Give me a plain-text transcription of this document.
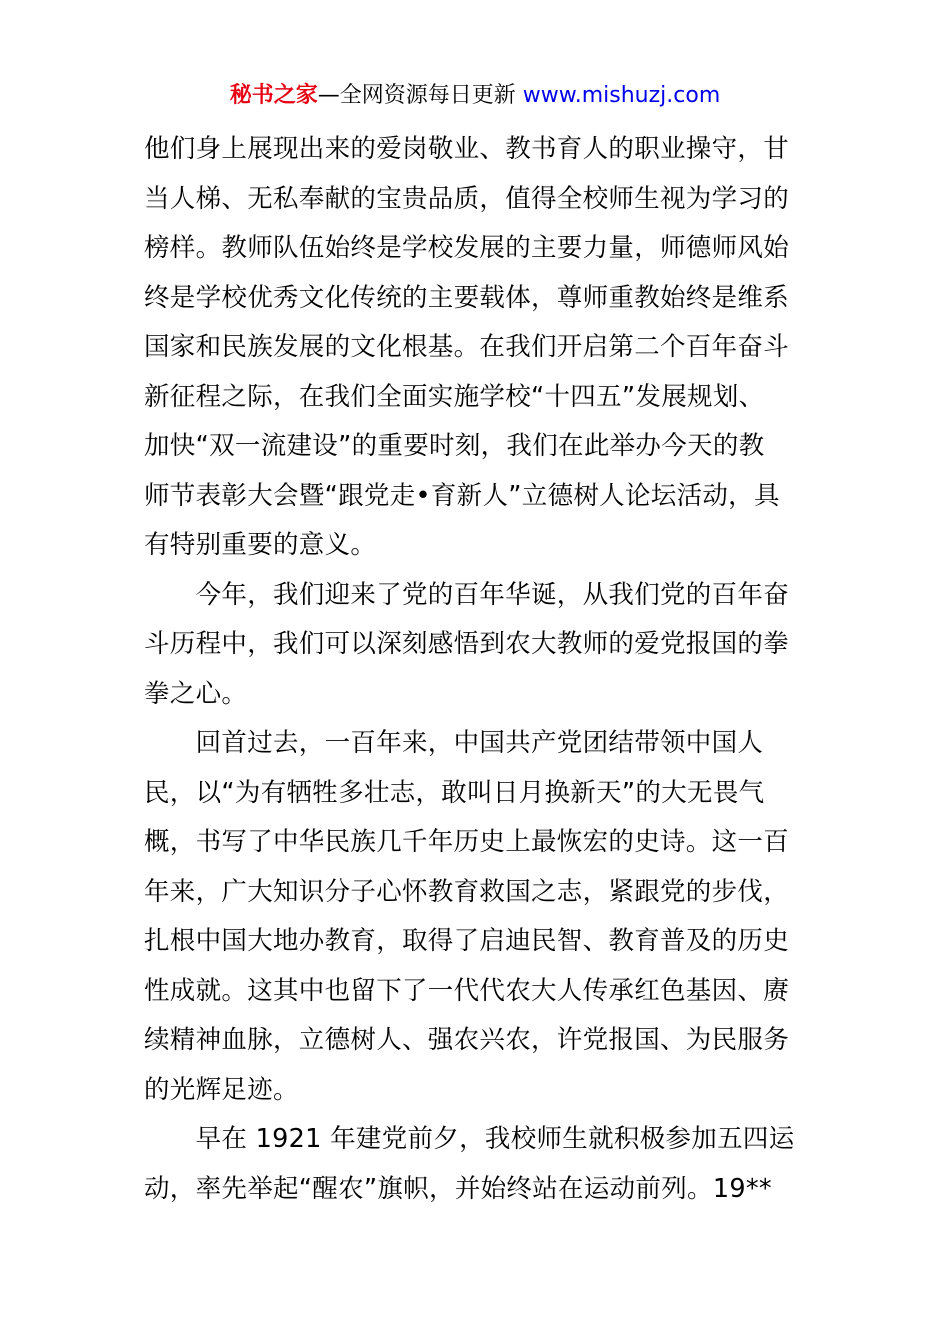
秘书之家—全网资源每日更新 www.mishuzj.com
他们身上展现出来的爱岗敬业、教书育人的职业操守，甘
当人梯、无私奉献的宝贵品质，值得全校师生视为学习的
榜样。教师队伍始终是学校发展的主要力量，师德师风始
终是学校优秀文化传统的主要载体，尊师重教始终是维系
国家和民族发展的文化根基。在我们开启第二个百年奋斗
新征程之际，在我们全面实施学校“十四五”发展规划、
加快“双一流建设”的重要时刻，我们在此举办今天的教
师节表彰大会暨“跟党走•育新人”立德树人论坛活动，具
有特别重要的意义。
　　今年，我们迎来了党的百年华诞，从我们党的百年奋
斗历程中，我们可以深刻感悟到农大教师的爱党报国的拳
拳之心。
　　回首过去，一百年来，中国共产党团结带领中国人
民，以“为有牺牲多壮志，敢叫日月换新天”的大无畏气
概，书写了中华民族几千年历史上最恢宏的史诗。这一百
年来，广大知识分子心怀教育救国之志，紧跟党的步伐，
扎根中国大地办教育，取得了启迪民智、教育普及的历史
性成就。这其中也留下了一代代农大人传承红色基因、赓
续精神血脉，立德树人、强农兴农，许党报国、为民服务
的光辉足迹。
　　早在 1921 年建党前夕，我校师生就积极参加五四运
动，率先举起“醒农”旗帜，并始终站在运动前列。19**
